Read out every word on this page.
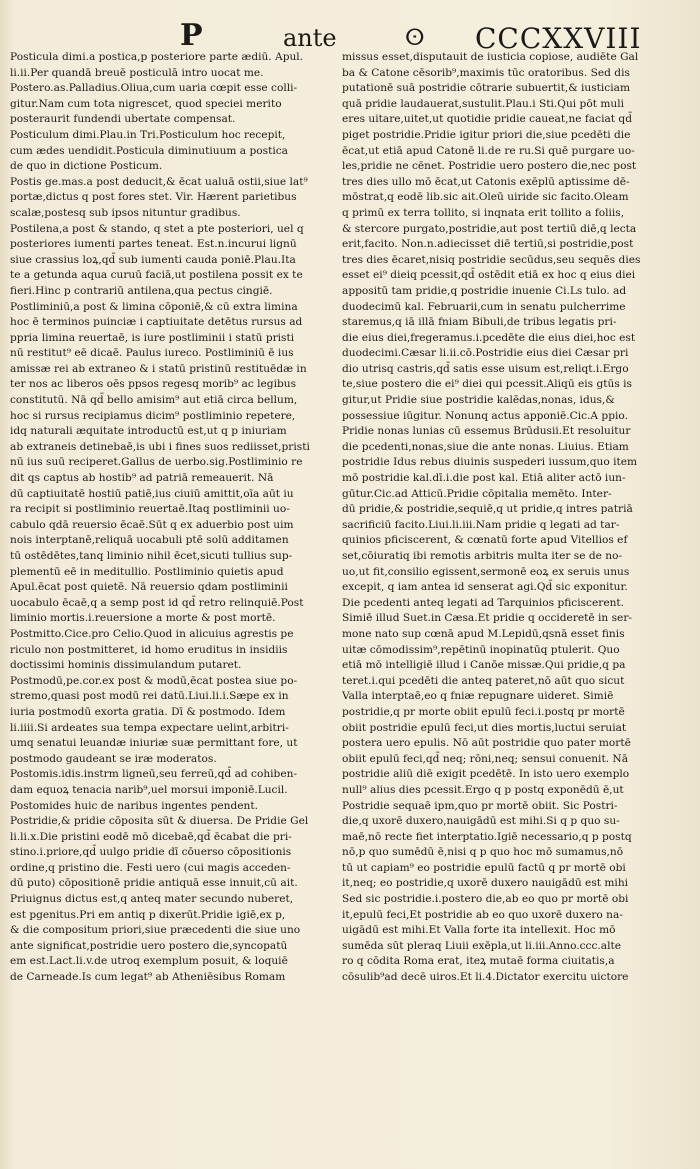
P	ante	ⵙ CCCXXVIII
Posticula dimi.a postica,p posteriore parte ædiū. Apul.
li.ii.Per quandā breuē posticulā intro uocat me.
Postero.as.Palladius.Oliua,cum uaria cœpit esse colli-
gitur.Nam cum tota nigrescet, quod speciei merito
posteraurit fundendi ubertate compensat.
Posticulum dimi.Plau.in Tri.Posticulum hoc recepit,
cum ædes uendidit.Posticula diminutiuum a postica
de quo in dictione Posticum.
Postis ge.mas.a post deducit,& ēcat ualuā ostii,siue lat⁹
portæ,dictus q post fores stet. Vir. Hærent parietibus
scalæ,postesq sub ipsos nituntur gradibus.
Postilena,a post & stando, q stet a pte posteriori, uel q
posteriores iumenti partes teneat. Est.n.incurui lignū
siue crassius loꝝ,qd̄ sub iumenti cauda poniē.Plau.Ita
te a getunda aqua curuū faciā,ut postilena possit ex te
fieri.Hinc p contrariū antilena,qua pectus cingiē.
Postliminiū,a post & limina cōponiē,& cū extra limina
hoc ē terminos puinciæ i captiuitate detētus rursus ad
ppria limina reuertaē, is iure postliminii i statū pristi
nū restitut⁹ eē dicaē. Paulus iureco. Postliminiū ē ius
amissæ rei ab extraneo & i statū pristinū restituēdæ in
ter nos ac liberos oēs ppsos regesq morib⁹ ac legibus
constitutū. Nā qd̄ bello amisim⁹ aut etiā circa bellum,
hoc si rursus recipiamus dicim⁹ postliminio repetere,
idq naturali æquitate introductū est,ut q p iniuriam
ab extraneis detinebaē,is ubi i fines suos rediisset,pristi
nū ius suū reciperet.Gallus de uerbo.sig.Postliminio re
dit qs captus ab hostib⁹ ad patriā remeauerit. Nā
dū captiuitatē hostiū patiē,ius ciuiū amittit,oīa aūt iu
ra recipit si postliminio reuertaē.Itaq postliminii uo-
cabulo qdā reuersio ēcaē.Sūt q ex aduerbio post uim
nois interptanē,reliquā uocabuli ptē solū additamen
tū ostēdētes,tanq liminio nihil ēcet,sicuti tullius sup-
plementū eē in meditullio. Postliminio quietis apud
Apul.ēcat post quietē. Nā reuersio qdam postliminii
uocabulo ēcaē,q a semp post id qd̄ retro relinquiē.Post
liminio mortis.i.reuersione a morte & post mortē.
Postmitto.Cice.pro Celio.Quod in alicuius agrestis pe
riculo non postmitteret, id homo eruditus in insidiis
doctissimi hominis dissimulandum putaret.
Postmodū,pe.cor.ex post & modū,ēcat postea siue po-
stremo,quasi post modū rei datū.Liui.li.i.Sæpe ex in
iuria postmodū exorta gratia. Dī & postmodo. Idem
li.iiii.Si ardeates sua tempa expectare uelint,arbitri-
umq senatui leuandæ iniuriæ suæ permittant fore, ut
postmodo gaudeant se iræ moderatos.
Postomis.idis.instrm ligneū,seu ferreū,qd̄ ad cohiben-
dam equoꝝ tenacia narib⁹,uel morsui imponiē.Lucil.
Postomides huic de naribus ingentes pendent.
Postridie,& pridie cōposita sūt & diuersa. De Pridie Gel
li.li.x.Die pristini eodē mō dicebaē,qd̄ ēcabat die pri-
stino.i.priore,qd̄ uulgo pridie dī cōuerso cōpositionis
ordine,q pristino die. Festi uero (cui magis acceden-
dū puto) cōpositionē pridie antiquā esse innuit,cū ait.
Priuignus dictus est,q anteq mater secundo nuberet,
est pgenitus.Pri em antiq p dixerūt.Pridie igiē,ex p,
& die compositum priori,siue præcedenti die siue uno
ante significat,postridie uero postero die,syncopatū
em est.Lact.li.v.de utroq exemplum posuit, & loquiē
de Carneade.Is cum legat⁹ ab Atheniēsibus Romam
missus esset,disputauit de iusticia copiose, audiēte Gal
ba & Catone cēsorib⁹,maximis tūc oratoribus. Sed dis
putationē suā postridie cōtrarie subuertit,& iusticiam
quā pridie laudauerat,sustulit.Plau.i Sti.Qui pōt muli
eres uitare,uitet,ut quotidie pridie caueat,ne faciat qd̄
piget postridie.Pridie igitur priori die,siue pcedēti die
ēcat,ut etiā apud Catonē li.de re ru.Si quē purgare uo-
les,pridie ne cēnet. Postridie uero postero die,nec post
tres dies ullo mō ēcat,ut Catonis exēplū aptissime dē-
mōstrat,q eodē lib.sic ait.Oleū uiride sic facito.Oleam
q primū ex terra tollito, si inqnata erit tollito a foliis,
& stercore purgato,postridie,aut post tertiū diē,q lecta
erit,facito. Non.n.adiecisset diē tertiū,si postridie,post
tres dies ēcaret,nisiq postridie secūdus,seu sequēs dies
esset ei⁹ dieiq pcessit,qd̄ ostēdit etiā ex hoc q eius diei
appositū tam pridie,q postridie inuenie Ci.Ls tulo. ad
duodecimū kal. Februarii,cum in senatu pulcherrime
staremus,q iā illā fniam Bibuli,de tribus legatis pri-
die eius diei,fregeramus.i.pcedēte die eius diei,hoc est
duodecimi.Cæsar li.ii.cō.Postridie eius diei Cæsar pri
dio utrisq castris,qd̄ satis esse uisum est,reliqt.i.Ergo
te,siue postero die ei⁹ diei qui pcessit.Aliqū eis gtūs is
gitur,ut Pridie siue postridie kalēdas,nonas, idus,&
possessiue iūgitur. Nonunq actus apponiē.Cic.A ppio.
Pridie nonas lunias cū essemus Brūdusii.Et resoluitur
die pcedenti,nonas,siue die ante nonas. Liuius. Etiam
postridie Idus rebus diuinis suspederi iussum,quo item
mō postridie kal.dī.i.die post kal. Etiā aliter actō iun-
gūtur.Cic.ad Atticū.Pridie cōpitalia memēto. Inter-
dū pridie,& postridie,sequiē,q ut pridie,q intres patriā
sacrificiū facito.Liui.li.iii.Nam pridie q legati ad tar-
quinios pficiscerent, & cœnatū forte apud Vitellios ef
set,cōiuratiq ibi remotis arbitris multa iter se de no-
uo,ut fit,consilio egissent,sermonē eoꝝ ex seruis unus
excepit, q iam antea id senserat agi.Qd̄ sic exponitur.
Die pcedenti anteq legati ad Tarquinios pficiscerent.
Simiē illud Suet.in Cæsa.Et pridie q occideretē in ser-
mone nato sup cœnā apud M.Lepidū,qsnā esset finis
uitæ cōmodissim⁹,repētinū inopinatūq ptulerit. Quo
etiā mō intelligiē illud i Canōe missæ.Qui pridie,q pa
teret.i.qui pcedēti die anteq pateret,nō aūt quo sicut
Valla interptaē,eo q fniæ repugnare uideret. Simiē
postridie,q pr morte obiit epulū feci.i.postq pr mortē
obiit postridie epulū feci,ut dies mortis,luctui seruiat
postera uero epulis. Nō aūt postridie quo pater mortē
obiit epulū feci,qd̄ neq; rōni,neq; sensui conuenit. Nā
postridie aliū diē exigit pcedētē. In isto uero exemplo
null⁹ alius dies pcessit.Ergo q p postq exponēdū ē,ut
Postridie sequaē ipm,quo pr mortē obiit. Sic Postri-
die,q uxorē duxero,nauigādū est mihi.Si q p quo su-
maē,nō recte fiet interptatio.Igiē necessario,q p postq
nō,p quo sumēdū ē,nisi q p quo hoc mō sumamus,nō
tū ut capiam⁹ eo postridie epulū factū q pr mortē obi
it,neq; eo postridie,q uxorē duxero nauigādū est mihi
Sed sic postridie.i.postero die,ab eo quo pr mortē obi
it,epulū feci,Et postridie ab eo quo uxorē duxero na-
uigādū est mihi.Et Valla forte ita intellexit. Hoc mō
sumēda sūt pleraq Liuii exēpla,ut li.iii.Anno.ccc.alte
ro q cōdita Roma erat, iteꝝ mutaē forma ciuitatis,a
cōsulib⁹ad decē uiros.Et li.4.Dictator exercitu uictore
